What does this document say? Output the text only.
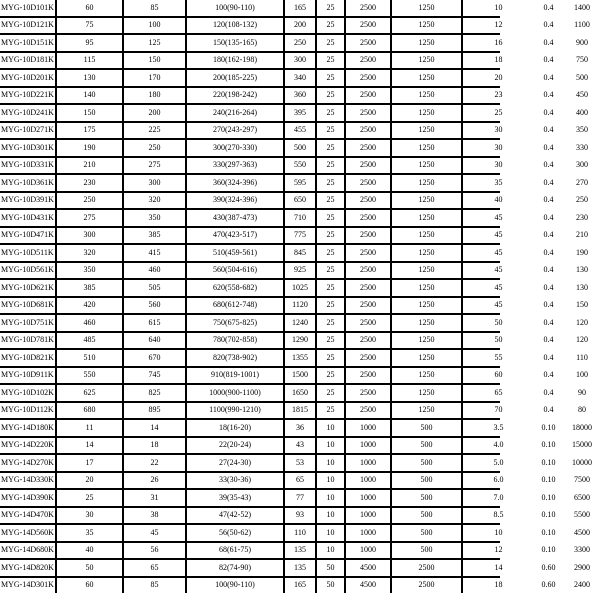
MYG-10D101K	60	85	100(90-110)	165	25	2500	1250	10	0.4	1400
MYG-10D121K	75	100	120(108-132)	200	25	2500	1250	12	0.4	1100
MYG-10D151K	95	125	150(135-165)	250	25	2500	1250	16	0.4	900
MYG-10D181K	115	150	180(162-198)	300	25	2500	1250	18	0.4	750
MYG-10D201K	130	170	200(185-225)	340	25	2500	1250	20	0.4	500
MYG-10D221K	140	180	220(198-242)	360	25	2500	1250	23	0.4	450
MYG-10D241K	150	200	240(216-264)	395	25	2500	1250	25	0.4	400
MYG-10D271K	175	225	270(243-297)	455	25	2500	1250	30	0.4	350
MYG-10D301K	190	250	300(270-330)	500	25	2500	1250	30	0.4	330
MYG-10D331K	210	275	330(297-363)	550	25	2500	1250	30	0.4	300
MYG-10D361K	230	300	360(324-396)	595	25	2500	1250	35	0.4	270
MYG-10D391K	250	320	390(324-396)	650	25	2500	1250	40	0.4	250
MYG-10D431K	275	350	430(387-473)	710	25	2500	1250	45	0.4	230
MYG-10D471K	300	385	470(423-517)	775	25	2500	1250	45	0.4	210
MYG-10D511K	320	415	510(459-561)	845	25	2500	1250	45	0.4	190
MYG-10D561K	350	460	560(504-616)	925	25	2500	1250	45	0.4	130
MYG-10D621K	385	505	620(558-682)	1025	25	2500	1250	45	0.4	130
MYG-10D681K	420	560	680(612-748)	1120	25	2500	1250	45	0.4	150
MYG-10D751K	460	615	750(675-825)	1240	25	2500	1250	50	0.4	120
MYG-10D781K	485	640	780(702-858)	1290	25	2500	1250	50	0.4	120
MYG-10D821K	510	670	820(738-902)	1355	25	2500	1250	55	0.4	110
MYG-10D911K	550	745	910(819-1001)	1500	25	2500	1250	60	0.4	100
MYG-10D102K	625	825	1000(900-1100)	1650	25	2500	1250	65	0.4	90
MYG-10D112K	680	895	1100(990-1210)	1815	25	2500	1250	70	0.4	80
MYG-14D180K	11	14	18(16-20)	36	10	1000	500	3.5	0.10	18000
MYG-14D220K	14	18	22(20-24)	43	10	1000	500	4.0	0.10	15000
MYG-14D270K	17	22	27(24-30)	53	10	1000	500	5.0	0.10	10000
MYG-14D330K	20	26	33(30-36)	65	10	1000	500	6.0	0.10	7500
MYG-14D390K	25	31	39(35-43)	77	10	1000	500	7.0	0.10	6500
MYG-14D470K	30	38	47(42-52)	93	10	1000	500	8.5	0.10	5500
MYG-14D560K	35	45	56(50-62)	110	10	1000	500	10	0.10	4500
MYG-14D680K	40	56	68(61-75)	135	10	1000	500	12	0.10	3300
MYG-14D820K	50	65	82(74-90)	135	50	4500	2500	14	0.60	2900
MYG-14D301K	60	85	100(90-110)	165	50	4500	2500	18	0.60	2400
